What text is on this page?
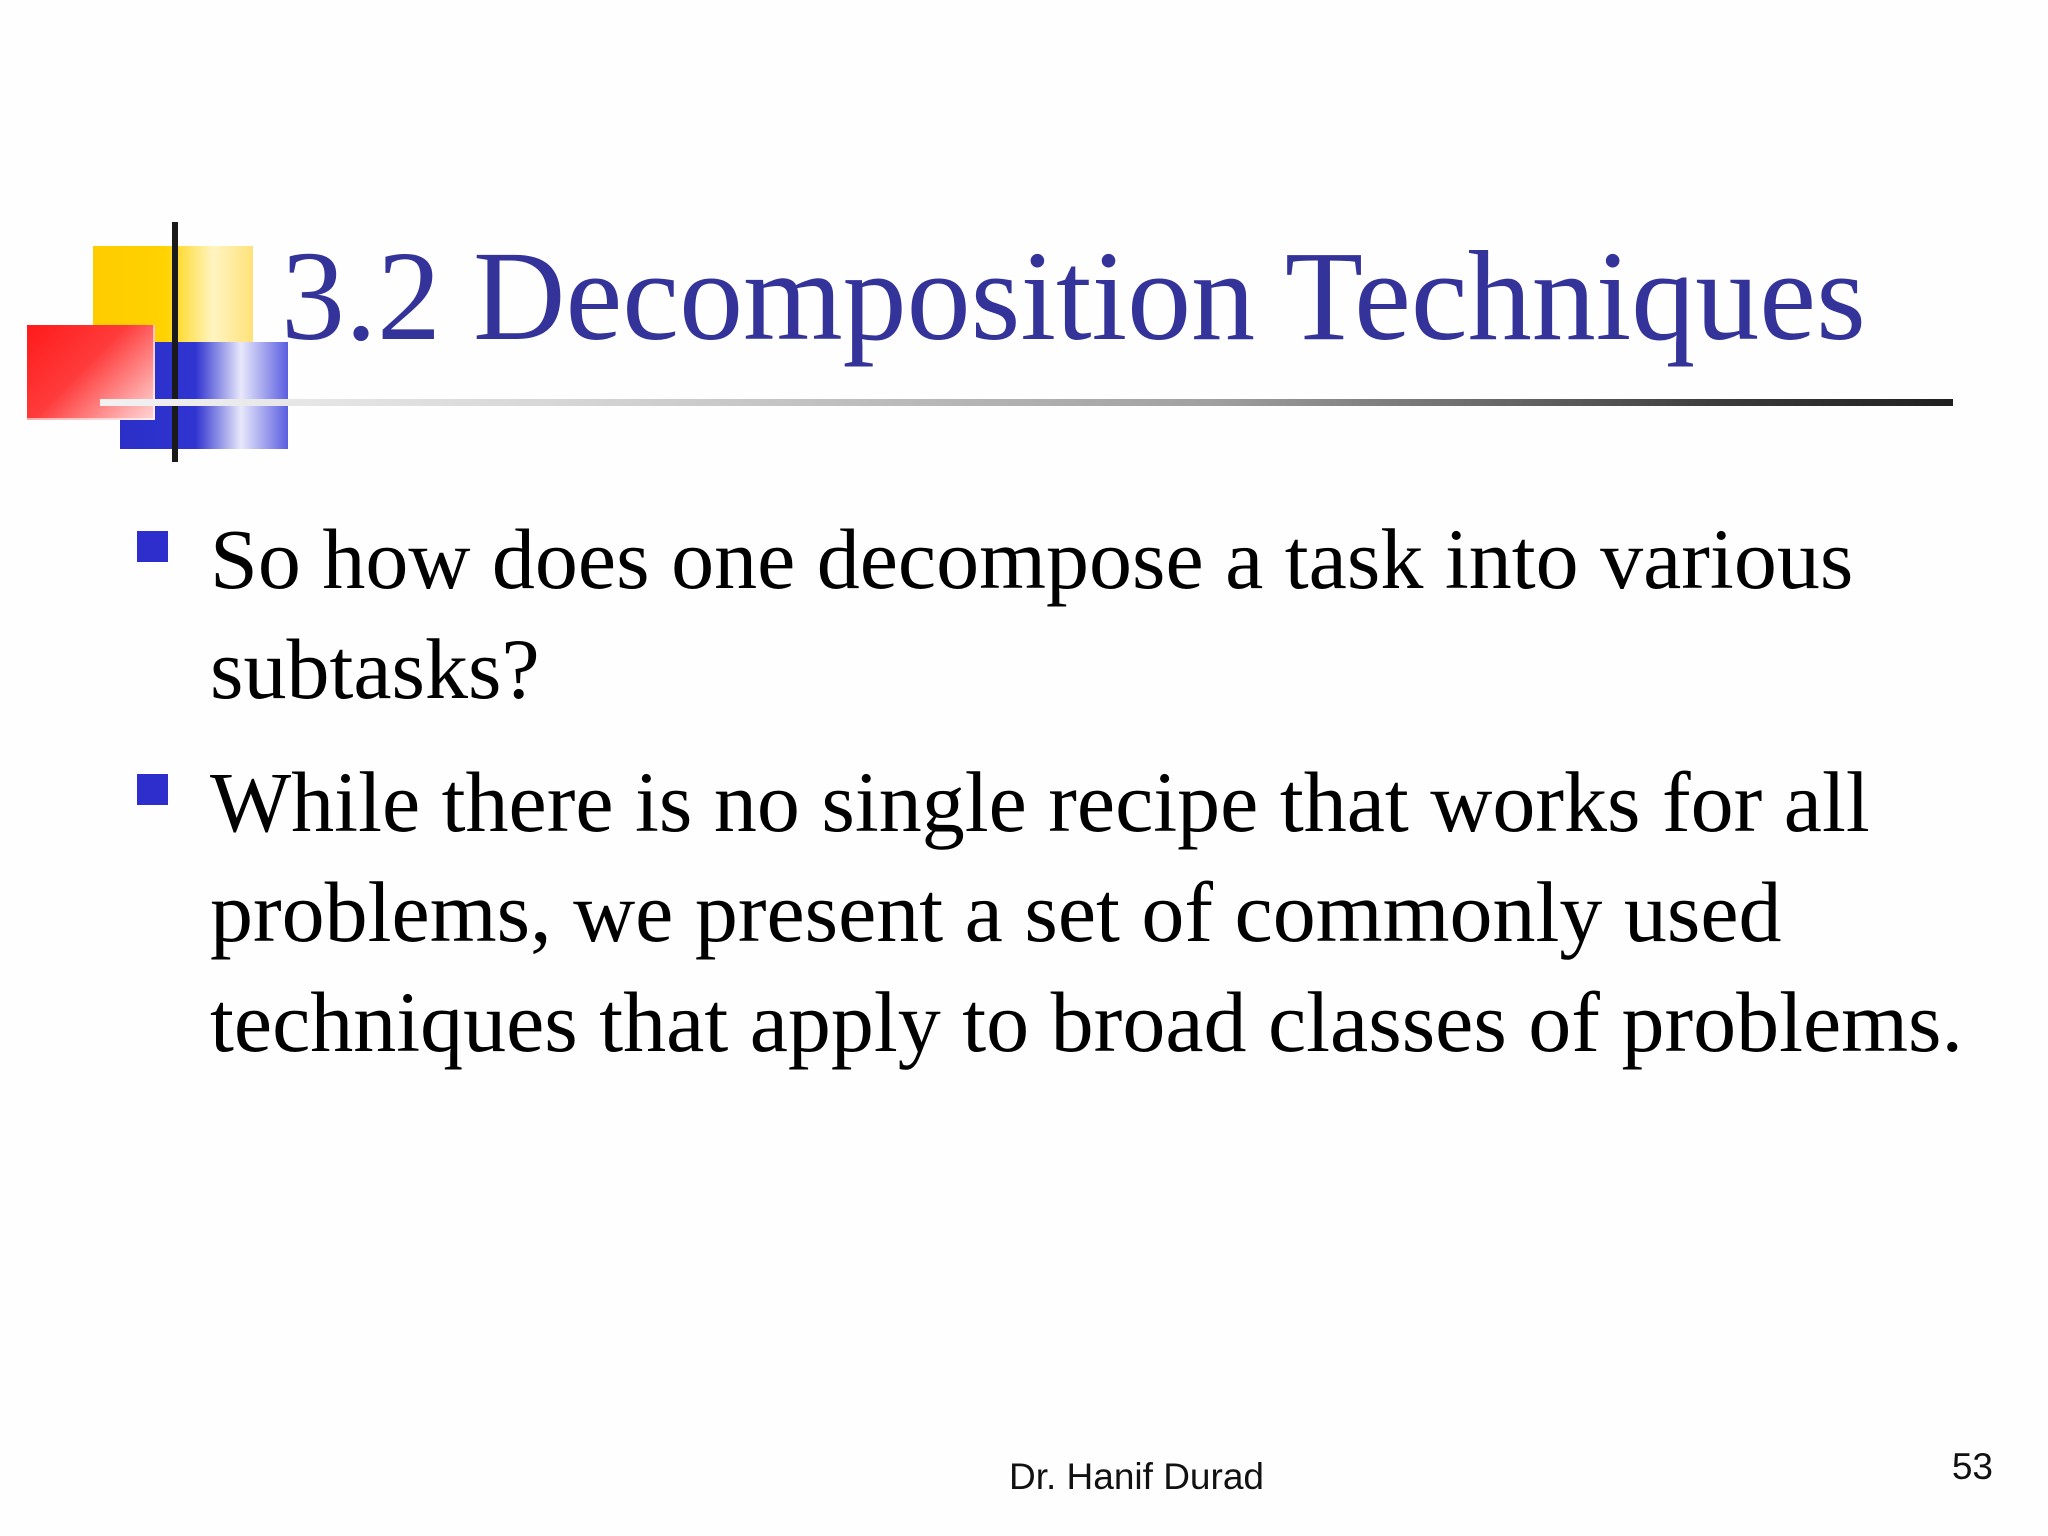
3.2 Decomposition Techniques
So how does one decompose a task into various subtasks?
While there is no single recipe that works for all problems, we present a set of commonly used techniques that apply to broad classes of problems.
Dr. Hanif Durad	53
